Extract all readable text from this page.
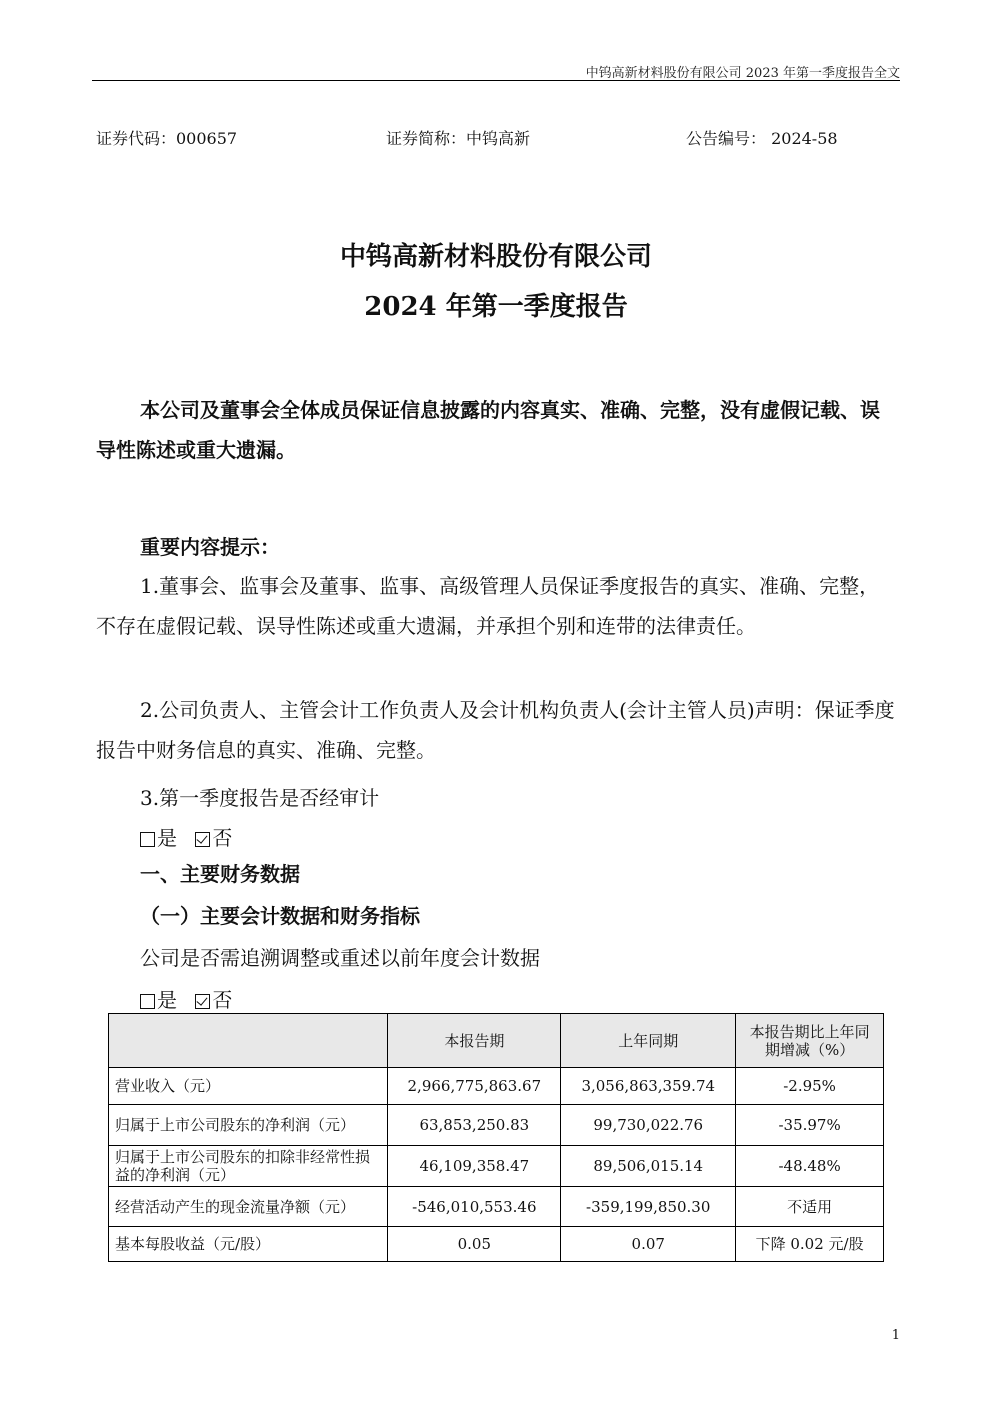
中钨高新材料股份有限公司 2023 年第一季度报告全文
证券代码：000657	证券简称：中钨高新	公告编号： 2024-58
中钨高新材料股份有限公司
2024 年第一季度报告
本公司及董事会全体成员保证信息披露的内容真实、准确、完整，没有虚假记载、误导性陈述或重大遗漏。
重要内容提示：
1.董事会、监事会及董事、监事、高级管理人员保证季度报告的真实、准确、完整，不存在虚假记载、误导性陈述或重大遗漏，并承担个别和连带的法律责任。
2.公司负责人、主管会计工作负责人及会计机构负责人(会计主管人员)声明：保证季度报告中财务信息的真实、准确、完整。
3.第一季度报告是否经审计
是 否
一、主要财务数据
（一）主要会计数据和财务指标
公司是否需追溯调整或重述以前年度会计数据
是 否
	本报告期	上年同期	本报告期比上年同期增减（%）
营业收入（元）	2,966,775,863.67	3,056,863,359.74	-2.95%
归属于上市公司股东的净利润（元）	63,853,250.83	99,730,022.76	-35.97%
归属于上市公司股东的扣除非经常性损益的净利润（元）	46,109,358.47	89,506,015.14	-48.48%
经营活动产生的现金流量净额（元）	-546,010,553.46	-359,199,850.30	不适用
基本每股收益（元/股）	0.05	0.07	下降 0.02 元/股
1
